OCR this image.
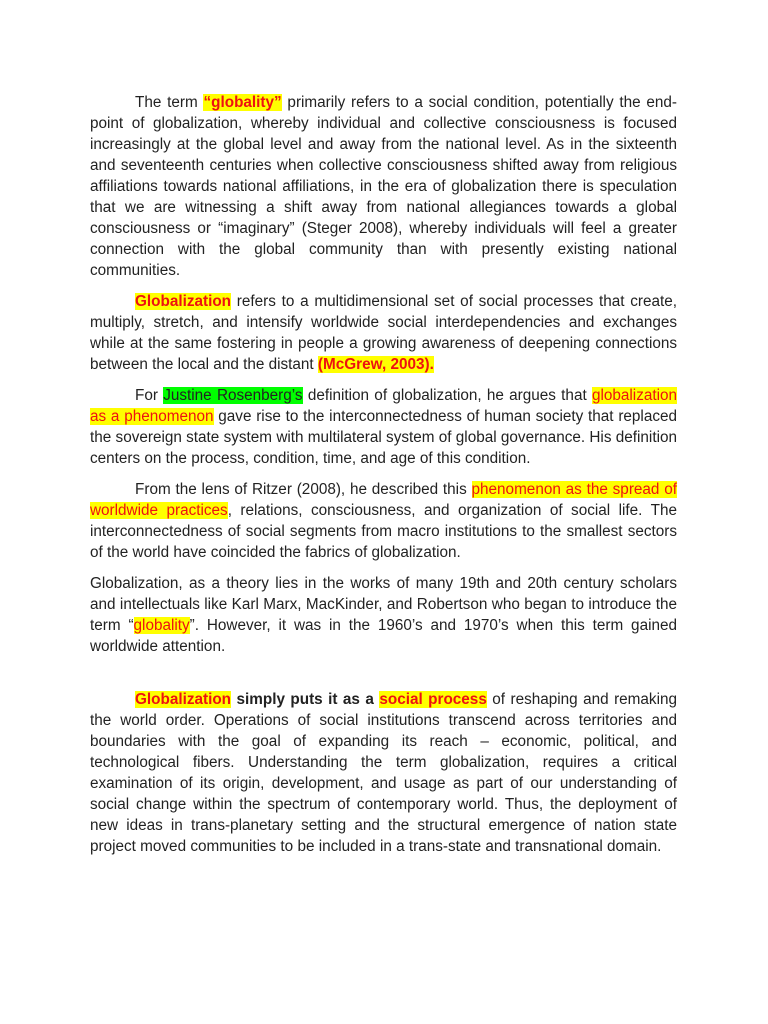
The term “globality” primarily refers to a social condition, potentially the end-point of globalization, whereby individual and collective consciousness is focused increasingly at the global level and away from the national level. As in the sixteenth and seventeenth centuries when collective consciousness shifted away from religious affiliations towards national affiliations, in the era of globalization there is speculation that we are witnessing a shift away from national allegiances towards a global consciousness or “imaginary” (Steger 2008), whereby individuals will feel a greater connection with the global community than with presently existing national communities.

Globalization refers to a multidimensional set of social processes that create, multiply, stretch, and intensify worldwide social interdependencies and exchanges while at the same fostering in people a growing awareness of deepening connections between the local and the distant (McGrew, 2003).

For Justine Rosenberg’s definition of globalization, he argues that globalization as a phenomenon gave rise to the interconnectedness of human society that replaced the sovereign state system with multilateral system of global governance. His definition centers on the process, condition, time, and age of this condition.

From the lens of Ritzer (2008), he described this phenomenon as the spread of worldwide practices, relations, consciousness, and organization of social life. The interconnectedness of social segments from macro institutions to the smallest sectors of the world have coincided the fabrics of globalization.

Globalization, as a theory lies in the works of many 19th and 20th century scholars and intellectuals like Karl Marx, MacKinder, and Robertson who began to introduce the term “globality”. However, it was in the 1960’s and 1970’s when this term gained worldwide attention.

Globalization simply puts it as a social process of reshaping and remaking the world order. Operations of social institutions transcend across territories and boundaries with the goal of expanding its reach – economic, political, and technological fibers. Understanding the term globalization, requires a critical examination of its origin, development, and usage as part of our understanding of social change within the spectrum of contemporary world. Thus, the deployment of new ideas in trans-planetary setting and the structural emergence of nation state project moved communities to be included in a trans-state and transnational domain.
